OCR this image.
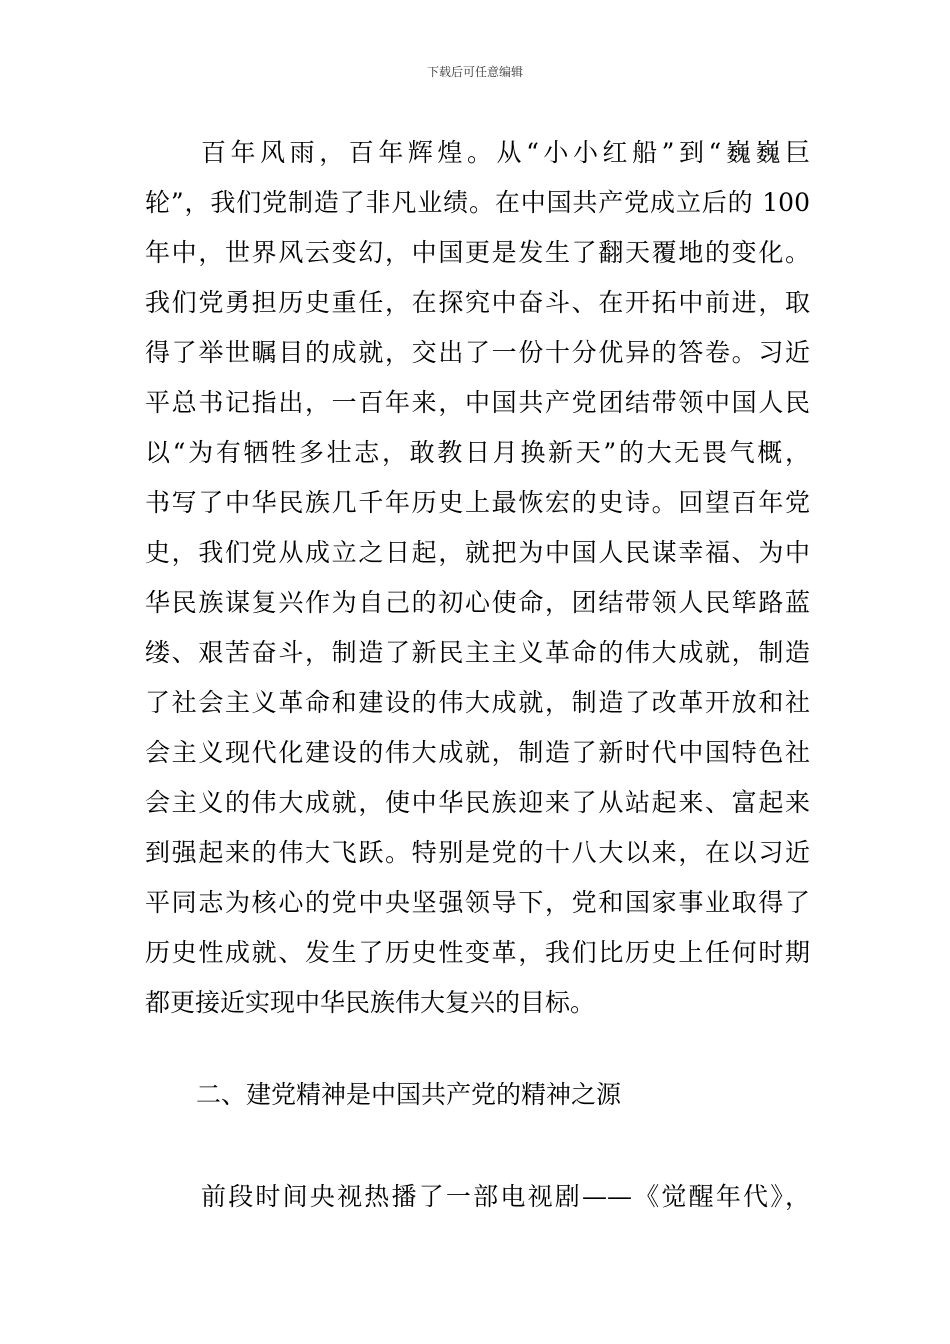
下载后可任意编辑
百年风雨，百年辉煌。从“小小红船”到“巍巍巨
轮”，我们党制造了非凡业绩。在中国共产党成立后的 100
年中，世界风云变幻，中国更是发生了翻天覆地的变化。
我们党勇担历史重任，在探究中奋斗、在开拓中前进，取
得了举世瞩目的成就，交出了一份十分优异的答卷。习近
平总书记指出，一百年来，中国共产党团结带领中国人民
以“为有牺牲多壮志，敢教日月换新天”的大无畏气概，
书写了中华民族几千年历史上最恢宏的史诗。回望百年党
史，我们党从成立之日起，就把为中国人民谋幸福、为中
华民族谋复兴作为自己的初心使命，团结带领人民筚路蓝
缕、艰苦奋斗，制造了新民主主义革命的伟大成就，制造
了社会主义革命和建设的伟大成就，制造了改革开放和社
会主义现代化建设的伟大成就，制造了新时代中国特色社
会主义的伟大成就，使中华民族迎来了从站起来、富起来
到强起来的伟大飞跃。特别是党的十八大以来，在以习近
平同志为核心的党中央坚强领导下，党和国家事业取得了
历史性成就、发生了历史性变革，我们比历史上任何时期
都更接近实现中华民族伟大复兴的目标。
二、建党精神是中国共产党的精神之源
前段时间央视热播了一部电视剧——《觉醒年代》，
